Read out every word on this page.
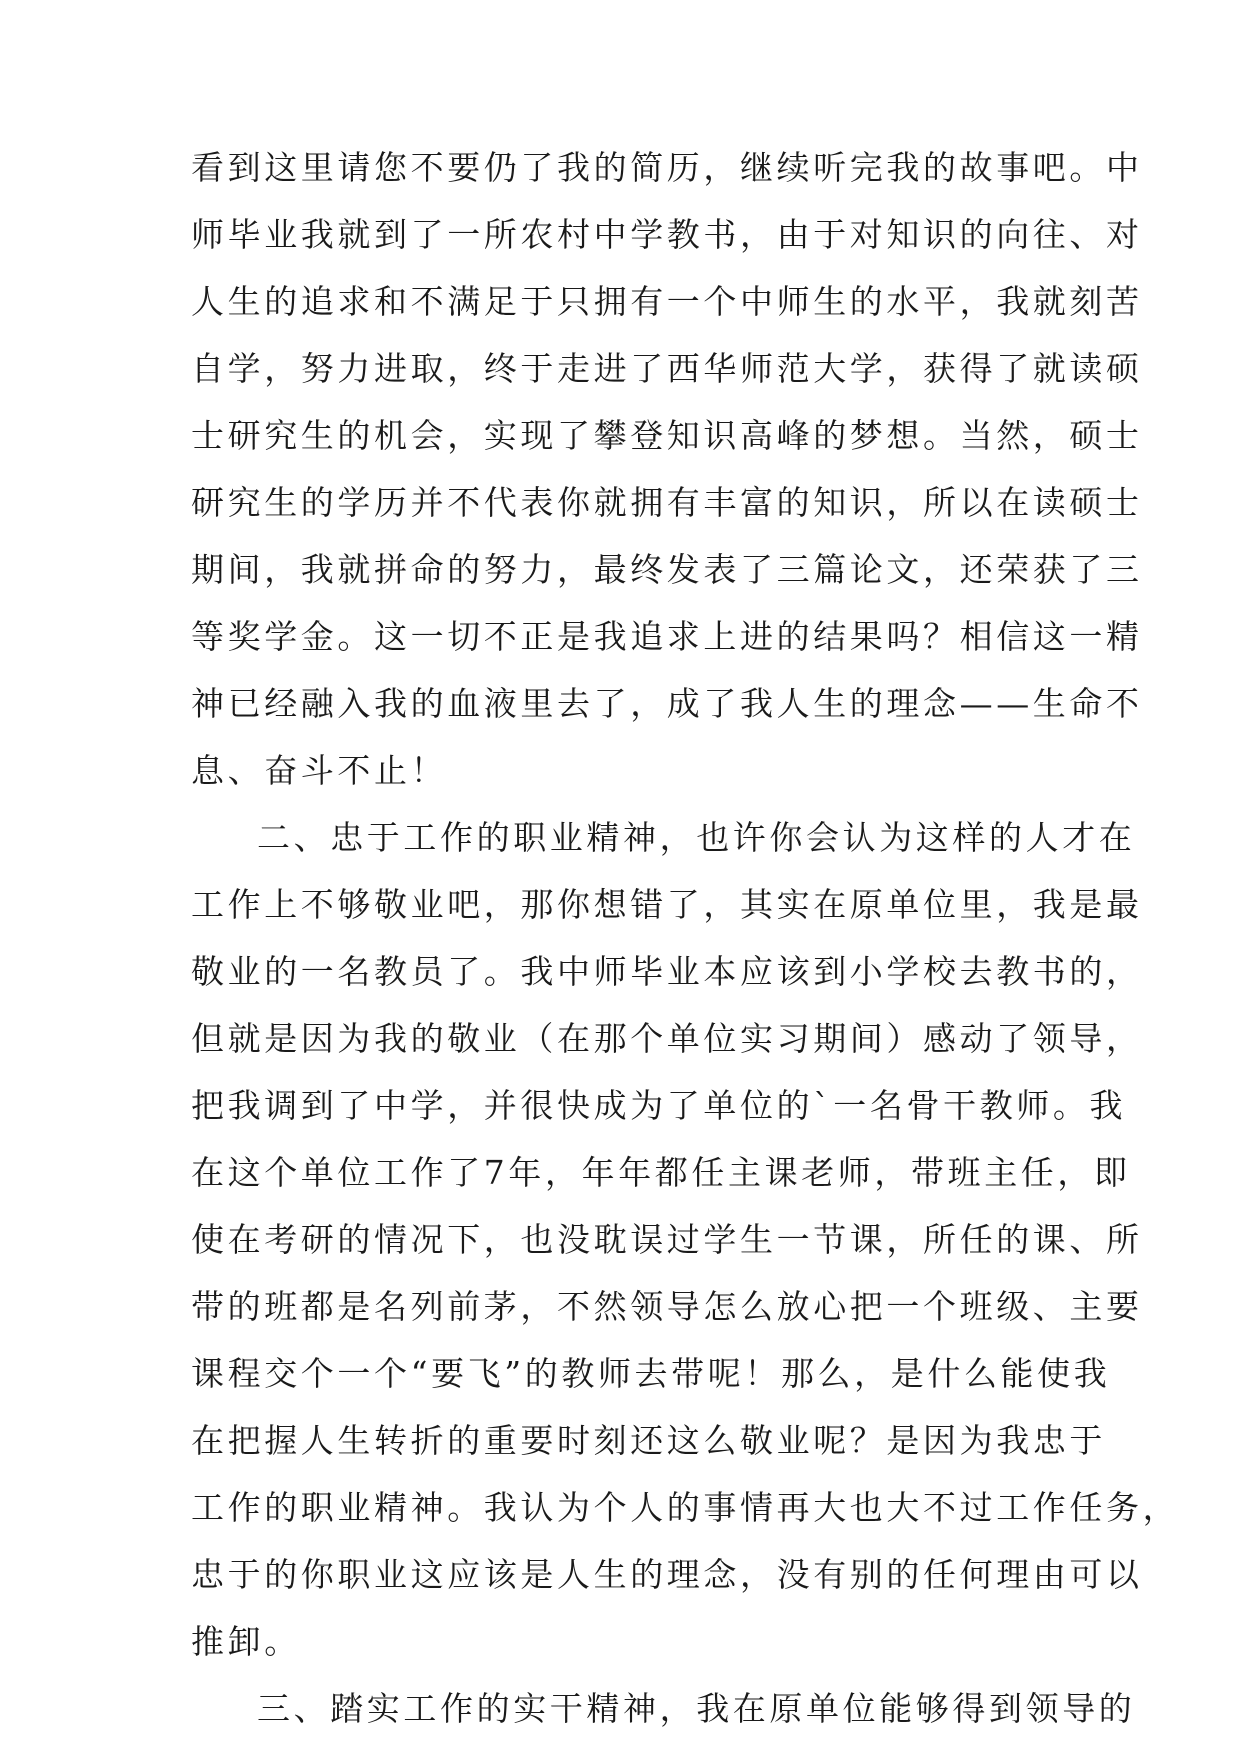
看到这里请您不要仍了我的简历，继续听完我的故事吧。中
师毕业我就到了一所农村中学教书，由于对知识的向往、对
人生的追求和不满足于只拥有一个中师生的水平，我就刻苦
自学，努力进取，终于走进了西华师范大学，获得了就读硕
士研究生的机会，实现了攀登知识高峰的梦想。当然，硕士
研究生的学历并不代表你就拥有丰富的知识，所以在读硕士
期间，我就拼命的努力，最终发表了三篇论文，还荣获了三
等奖学金。这一切不正是我追求上进的结果吗？相信这一精
神已经融入我的血液里去了，成了我人生的理念——生命不
息、奋斗不止！
二、忠于工作的职业精神，也许你会认为这样的人才在
工作上不够敬业吧，那你想错了，其实在原单位里，我是最
敬业的一名教员了。我中师毕业本应该到小学校去教书的，
但就是因为我的敬业（在那个单位实习期间）感动了领导，
把我调到了中学，并很快成为了单位的`一名骨干教师。我
在这个单位工作了7年，年年都任主课老师，带班主任，即
使在考研的情况下，也没耽误过学生一节课，所任的课、所
带的班都是名列前茅，不然领导怎么放心把一个班级、主要
课程交个一个“要飞”的教师去带呢！那么，是什么能使我
在把握人生转折的重要时刻还这么敬业呢？是因为我忠于
工作的职业精神。我认为个人的事情再大也大不过工作任务，
忠于的你职业这应该是人生的理念，没有别的任何理由可以
推卸。
三、踏实工作的实干精神，我在原单位能够得到领导的
